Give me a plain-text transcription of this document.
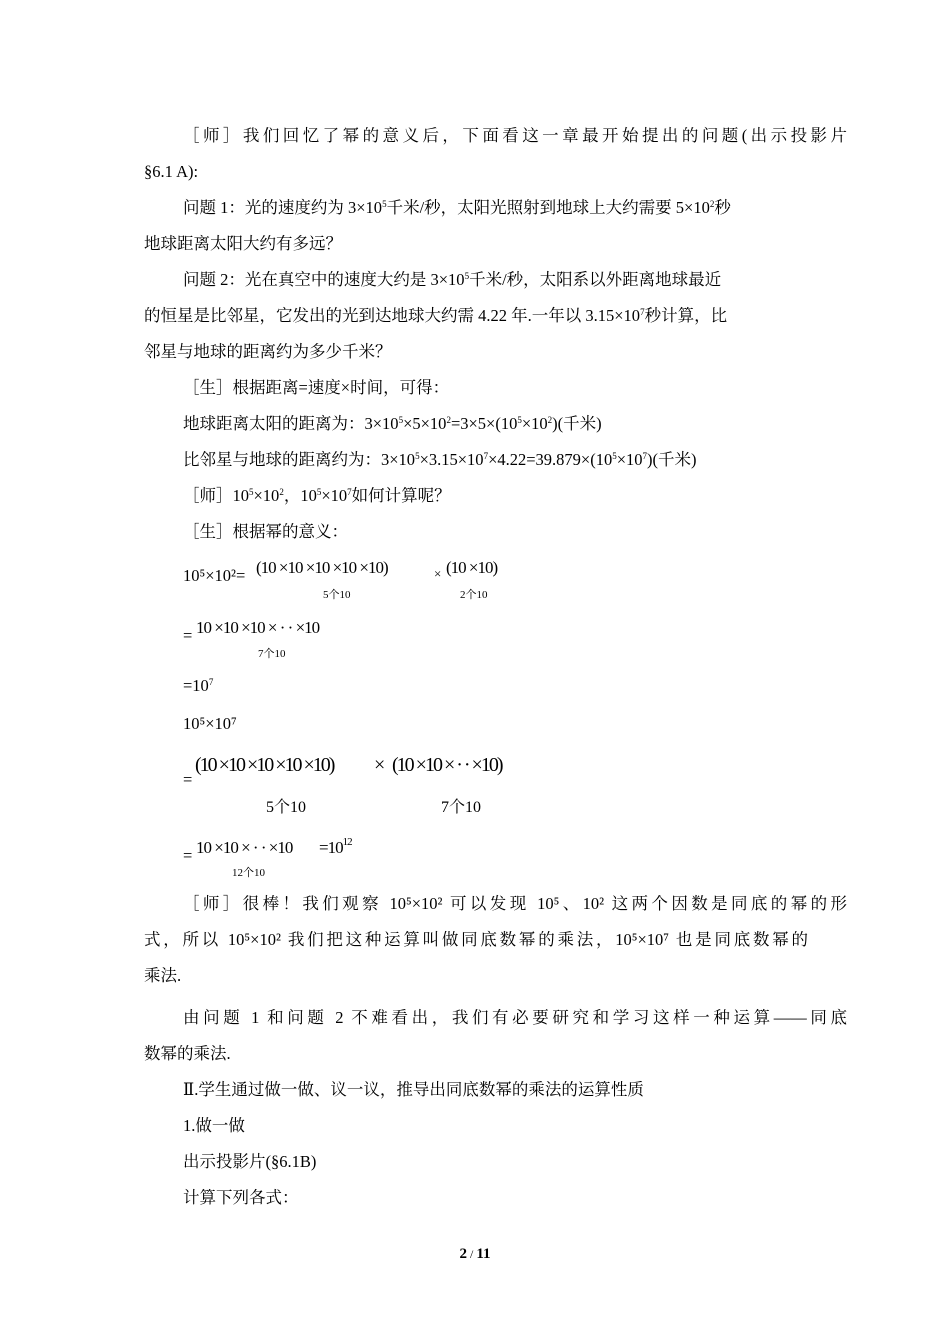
［师］我们回忆了幂的意义后，下面看这一章最开始提出的问题(出示投影片
§6.1 A):
问题 1：光的速度约为 $3\times 10^5$千米/秒，太阳光照射到地球上大约需要 $5\times 10^2$秒
地球距离太阳大约有多远？
问题 2：光在真空中的速度大约是 $3\times 10^5$千米/秒，太阳系以外距离地球最近
的恒星是比邻星，它发出的光到达地球大约需 4.22 年.一年以 $3.15\times 10^7$秒计算，比
邻星与地球的距离约为多少千米？
［生］根据距离=速度×时间，可得：
地球距离太阳的距离为：$3\times 10^5\times 5\times 10^2=3\times 5\times(10^5\times 10^2)$(千米)
比邻星与地球的距离约为：$3\times 10^5\times 3.15\times 10^7\times 4.22=39.879\times(10^5\times 10^7)$(千米)
［师$]10^5\times 10^2$，$10^5\times 10^7$如何计算呢？
［生］根据幂的意义：
10⁵×10²= (10 ×10 ×10 ×10 ×10)	× (10 ×10)
5个10	2个10
= 10 ×10 ×10 × · · ×10
7个10
$=10^7$
10⁵×10⁷
=
(10 ×10 ×10 ×10 ×10) × (10 ×10 × · · ×10)
5个10	7个10
= 10 ×10 × · · $\times 10 =10^{12}$
12个10
［师］很棒！我们观察 10⁵×10² 可以发现 10⁵、10² 这两个因数是同底的幂的形
式，所以 10⁵×10² 我们把这种运算叫做同底数幂的乘法，10⁵×10⁷ 也是同底数幂的
乘法.
由问题 1 和问题 2 不难看出，我们有必要研究和学习这样一种运算——同底
数幂的乘法.
Ⅱ.学生通过做一做、议一议，推导出同底数幂的乘法的运算性质
1.做一做
出示投影片(§6.1B)
计算下列各式：
2 / 11
